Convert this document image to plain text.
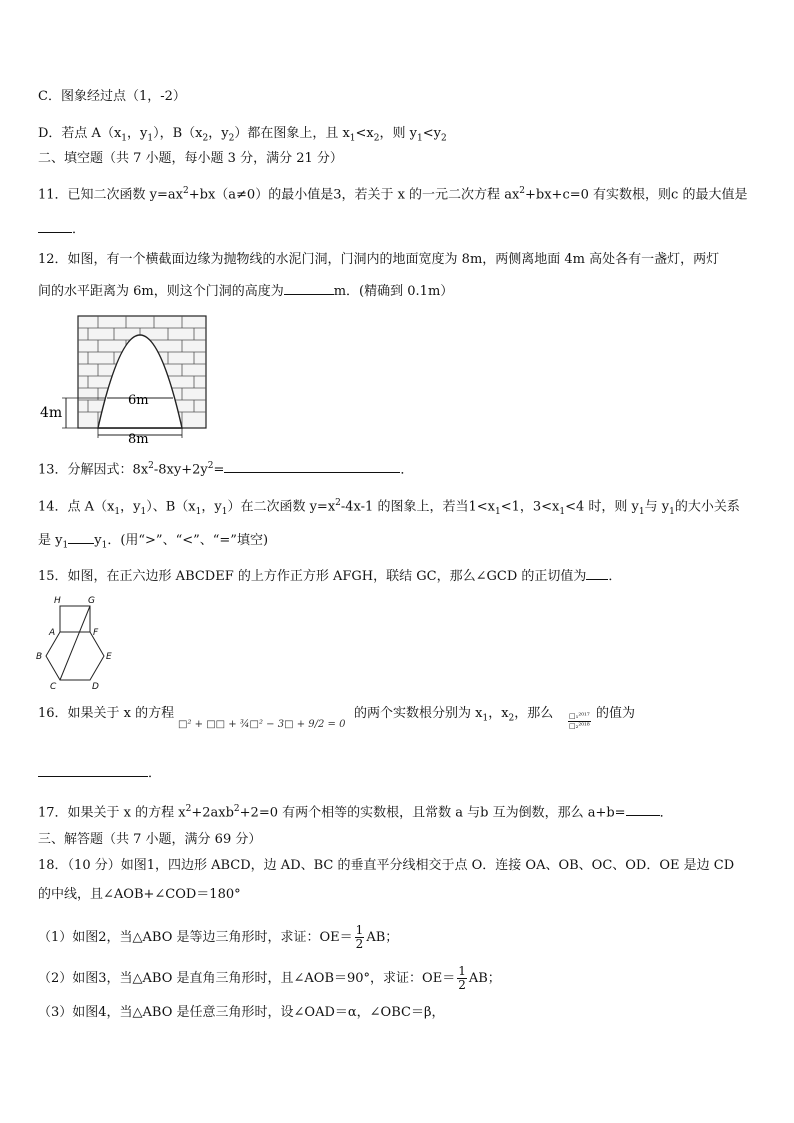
C．图象经过点（1，-2）
D．若点 $A(x_1$，$y_1$），$B(x_2$，$y_2$）都在图象上，且 $x_1<x_2$，则 $y_1<y_2$
二、填空题（共 7 小题，每小题 3 分，满分 21 分）
11．已知二次函数 $y=ax^2+bx(a\ne 0)$的最小值是3，若关于 x 的一元二次方程 $ax^2+bx+c=0$ 有实数根，则c 的最大值是
．
12．如图，有一个横截面边缘为抛物线的水泥门洞，门洞内的地面宽度为 8m，两侧离地面 4m 高处各有一盏灯，两灯
间的水平距离为 6m，则这个门洞的高度为	m．(精确到 0.1m）
4m
6m
8m
13．分解因式：$8x^2-8xy+2y^2=$	．
14．点 $A(x_1$，$y_1$）、$B(x_1$，$y_1$）在二次函数 $y=x^2-4x-1$ 的图象上，若当$1<x_1<1$，$3<x_1<4$ 时，则 $y_1$与 $y_1$的大小关系
是 $y_1$ $y_1$．(用“>”、“<”、“=”填空)
15．如图，在正六边形 ABCDEF 的上方作正方形 AFGH，联结 GC，那么∠GCD 的正切值为 ．
H	G
A	F
B	E
C	D
16．如果关于 x 的方程
□² + □□ + ¾□² − 3□ + 9/2 = 0
的两个实数根分别为 $x_1$，$x_2$，那么 $\frac{\text{□₁²⁰¹⁷}}{\text{□₂²⁰¹⁸}}$ 的值为
．
17．如果关于 x 的方程 $x^2+2axb^2+2=0$ 有两个相等的实数根，且常数 a 与b 互为倒数，那么 a+b=	．
三、解答题（共 7 小题，满分 69 分）
18．（10 分）如图1，四边形 ABCD，边 AD、BC 的垂直平分线相交于点 O．连接 OA、OB、OC、OD．OE 是边 CD
的中线，且∠AOB+∠COD＝180°
（1）如图2，当△ABO 是等边三角形时，求证：$OE= \frac{1}{2}$ AB；
（2）如图3，当△ABO 是直角三角形时，且∠AOB＝90°，求证：$OE= \frac{1}{2}$ AB；
（3）如图4，当△ABO 是任意三角形时，设∠OAD＝α，∠OBC＝β，
